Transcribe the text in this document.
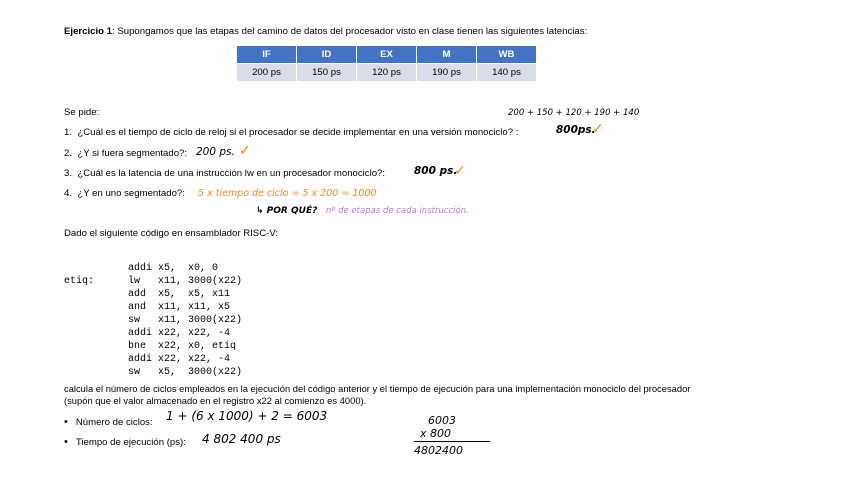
Ejercicio 1: Supongamos que las etapas del camino de datos del procesador visto en clase tienen las siguientes latencias:
IF	ID	EX	M	WB
200 ps	150 ps	120 ps	190 ps	140 ps
Se pide:	200 + 150 + 120 + 190 + 140
1. ¿Cuál es el tiempo de ciclo de reloj si el procesador se decide implementar en una versión monociclo? :	800ps.
✓
2. ¿Y si fuera segmentado?: 200 ps. ✓
3. ¿Cuál es la latencia de una instrucción lw en un procesador monociclo?:	800 ps.
✓
4. ¿Y en uno segmentado?: 5 x tiempo de ciclo = 5 x 200 = 1000
↳ POR QUÉ? nº de etapas de cada instrucción.
Dado el siguiente código en ensamblador RISC-V:
etiq:
addi x5,  x0, 0
lw   x11, 3000(x22)
add  x5,  x5, x11
and  x11, x11, x5
sw   x11, 3000(x22)
addi x22, x22, -4
bne  x22, x0, etiq
addi x22, x22, -4
sw   x5,  3000(x22)
calcula el número de ciclos empleados en la ejecución del código anterior y el tiempo de ejecución para una implementación monociclo del procesador
(supón que el valor almacenado en el registro x22 al comienzo es 4000).
• Número de ciclos: 1 + (6 x 1000) + 2 = 6003
• Tiempo de ejecución (ps): 4 802 400 ps
6003
x 800
4802400
